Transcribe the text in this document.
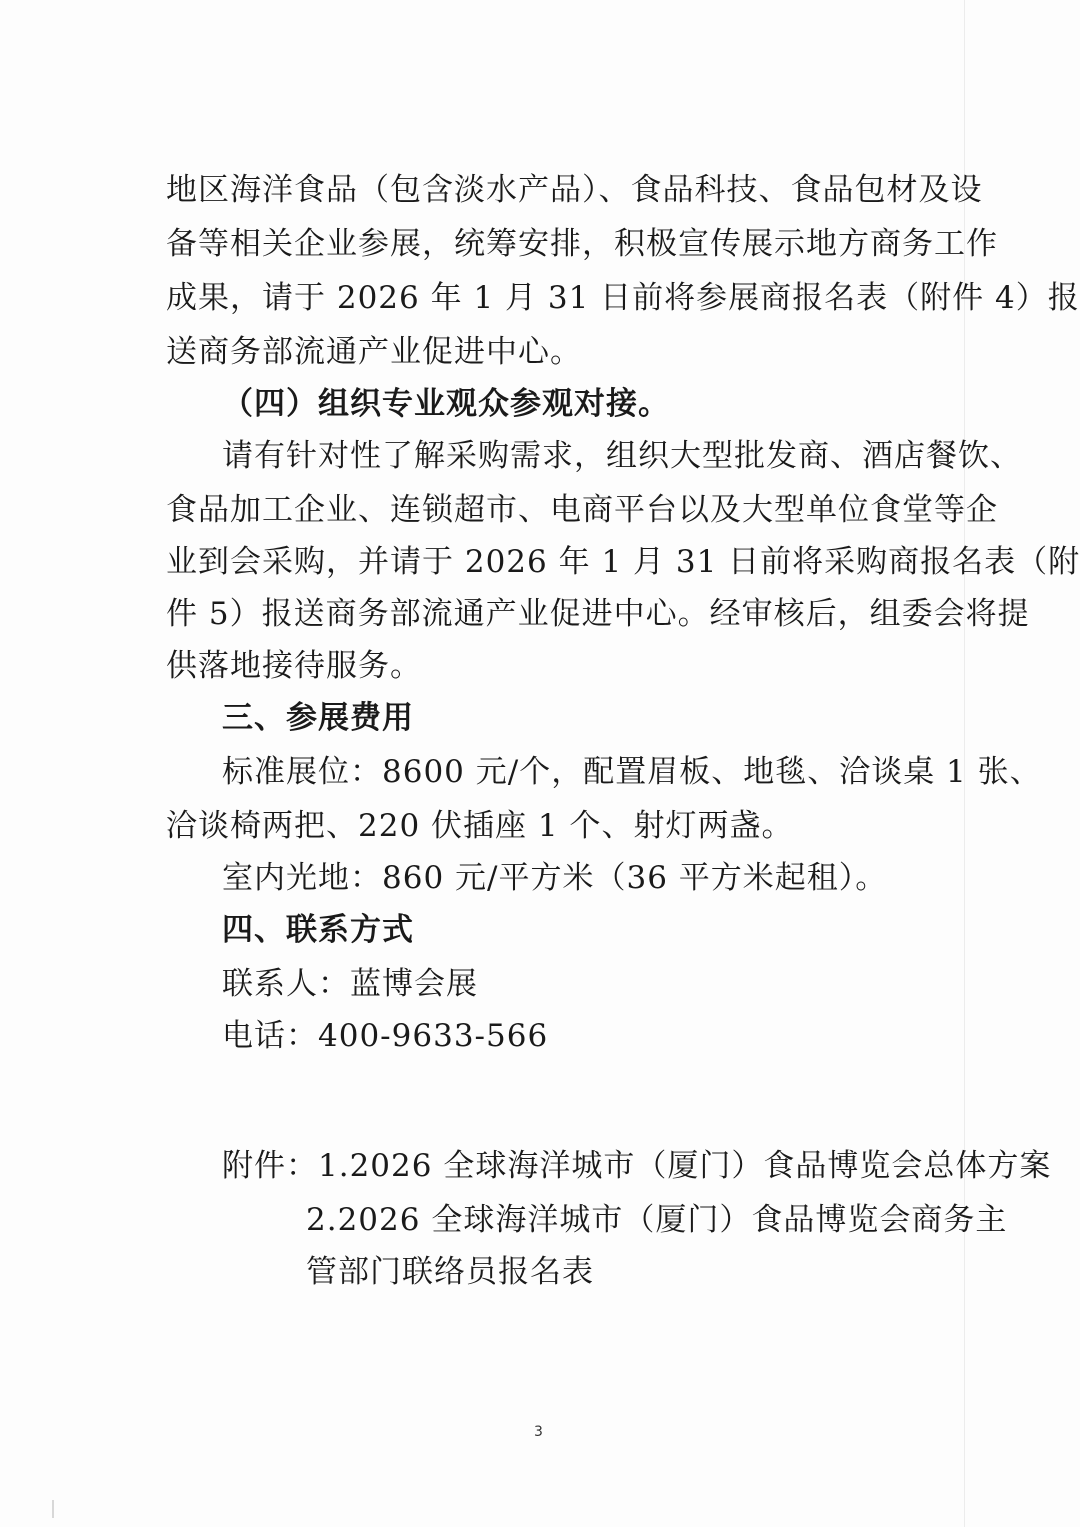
地区海洋食品（包含淡水产品）、食品科技、食品包材及设
备等相关企业参展，统筹安排，积极宣传展示地方商务工作
成果，请于 2026 年 1 月 31 日前将参展商报名表（附件 4）报
送商务部流通产业促进中心。
（四）组织专业观众参观对接。
请有针对性了解采购需求，组织大型批发商、酒店餐饮、
食品加工企业、连锁超市、电商平台以及大型单位食堂等企
业到会采购，并请于 2026 年 1 月 31 日前将采购商报名表（附
件 5）报送商务部流通产业促进中心。经审核后，组委会将提
供落地接待服务。
三、参展费用
标准展位：8600 元/个，配置眉板、地毯、洽谈桌 1 张、
洽谈椅两把、220 伏插座 1 个、射灯两盏。
室内光地：860 元/平方米（36 平方米起租）。
四、联系方式
联系人：蓝博会展
电话：400-9633-566
附件：1.2026 全球海洋城市（厦门）食品博览会总体方案
2.2026 全球海洋城市（厦门）食品博览会商务主
管部门联络员报名表
3
